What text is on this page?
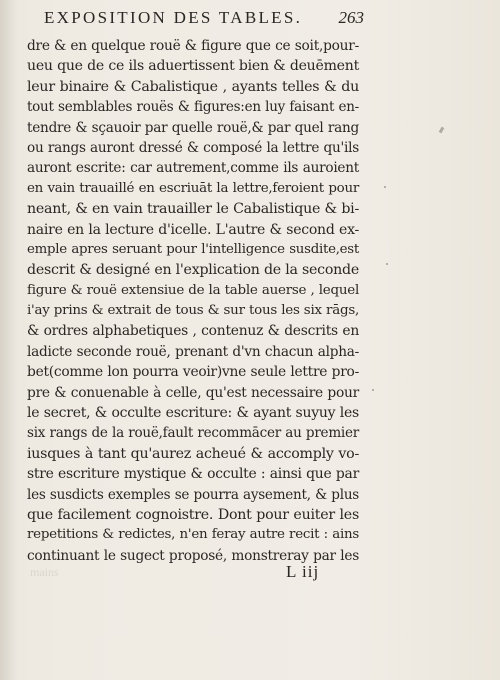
EXPOSITION DES TABLES. 263
dre & en quelque rouë & figure que ce soit,pour-
ueu que de ce ils aduertissent bien & deuēment
leur binaire & Cabalistique , ayants telles & du
tout semblables rouës & figures:en luy faisant en-
tendre & sçauoir par quelle rouë,& par quel rang
ou rangs auront dressé & composé la lettre qu'ils
auront escrite: car autrement,comme ils auroient
en vain trauaillé en escriuāt la lettre,feroient pour
neant, & en vain trauailler le Cabalistique & bi-
naire en la lecture d'icelle. L'autre & second ex-
emple apres seruant pour l'intelligence susdite,est
descrit & designé en l'explication de la seconde
figure & rouë extensiue de la table auerse , lequel
i'ay prins & extrait de tous & sur tous les six rāgs,
& ordres alphabetiques , contenuz & descrits en
ladicte seconde rouë, prenant d'vn chacun alpha-
bet(comme lon pourra veoir)vne seule lettre pro-
pre & conuenable à celle, qu'est necessaire pour
le secret, & occulte escriture: & ayant suyuy les
six rangs de la rouë,fault recommācer au premier
iusques à tant qu'aurez acheué & accomply vo-
stre escriture mystique & occulte : ainsi que par
les susdicts exemples se pourra aysement, & plus
que facilement cognoistre. Dont pour euiter les
repetitions & redictes, n'en feray autre recit : ains
continuant le sugect proposé, monstreray par les
mains	L iij
